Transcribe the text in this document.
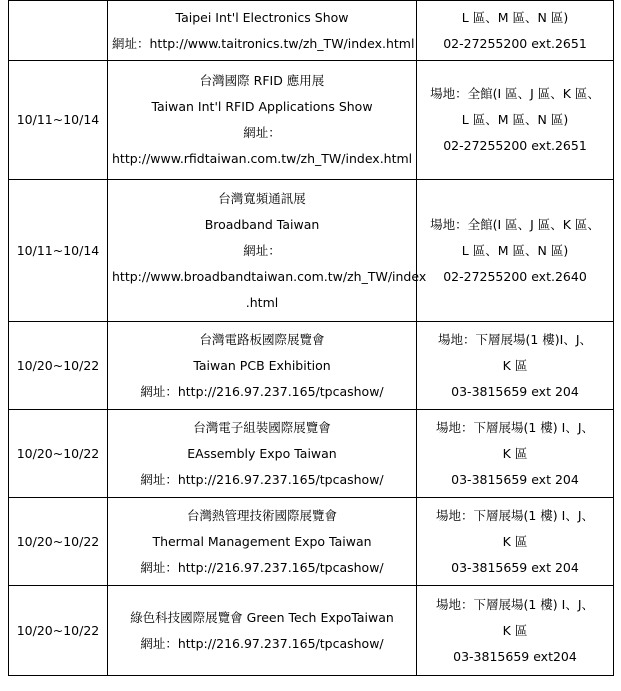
	Taipei Int'l Electronics Show
網址：http://www.taitronics.tw/zh_TW/index.html	L 區、M 區、N 區)
02-27255200 ext.2651

10/11~10/14	台灣國際 RFID 應用展
Taiwan Int'l RFID Applications Show
網址：
http://www.rfidtaiwan.com.tw/zh_TW/index.html	場地：全館(I 區、J 區、K 區、
L 區、M 區、N 區)
02-27255200 ext.2651

10/11~10/14	台灣寬頻通訊展
Broadband Taiwan
網址：
http://www.broadbandtaiwan.com.tw/zh_TW/index
.html	場地：全館(I 區、J 區、K 區、
L 區、M 區、N 區)
02-27255200 ext.2640

10/20~10/22	台灣電路板國際展覽會
Taiwan PCB Exhibition
網址：http://216.97.237.165/tpcashow/	場地：下層展場(1 樓)I、J、
K 區
03-3815659 ext 204

10/20~10/22	台灣電子組裝國際展覽會
EAssembly Expo Taiwan
網址：http://216.97.237.165/tpcashow/	場地：下層展場(1 樓) I、J、
K 區
03-3815659 ext 204

10/20~10/22	台灣熱管理技術國際展覽會
Thermal Management Expo Taiwan
網址：http://216.97.237.165/tpcashow/	場地：下層展場(1 樓) I、J、
K 區
03-3815659 ext 204

10/20~10/22	綠色科技國際展覽會 Green Tech ExpoTaiwan
網址：http://216.97.237.165/tpcashow/	場地：下層展場(1 樓) I、J、
K 區
03-3815659 ext204
